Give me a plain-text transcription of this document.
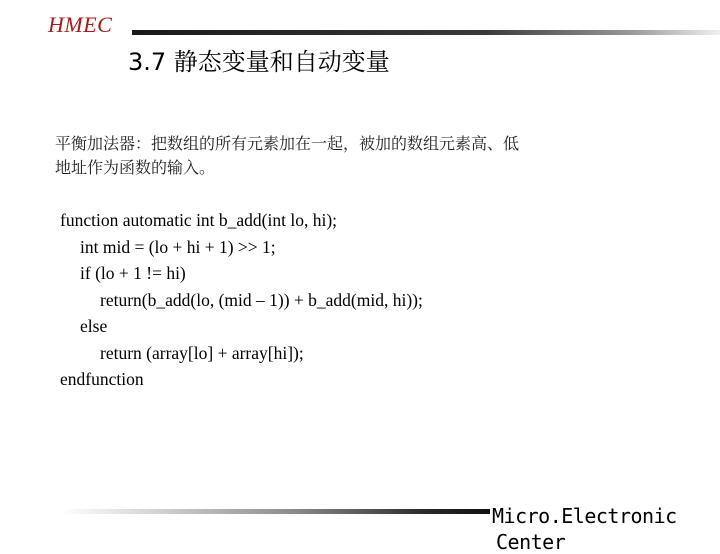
HMEC
3.7 静态变量和自动变量
平衡加法器：把数组的所有元素加在一起，被加的数组元素高、低
地址作为函数的输入。
function automatic int b_add(int lo, hi);
int mid = (lo + hi + 1) >> 1;
if (lo + 1 != hi)
return(b_add(lo, (mid – 1)) + b_add(mid, hi));
else
return (array[lo] + array[hi]);
endfunction
Micro.Electronic
Center
